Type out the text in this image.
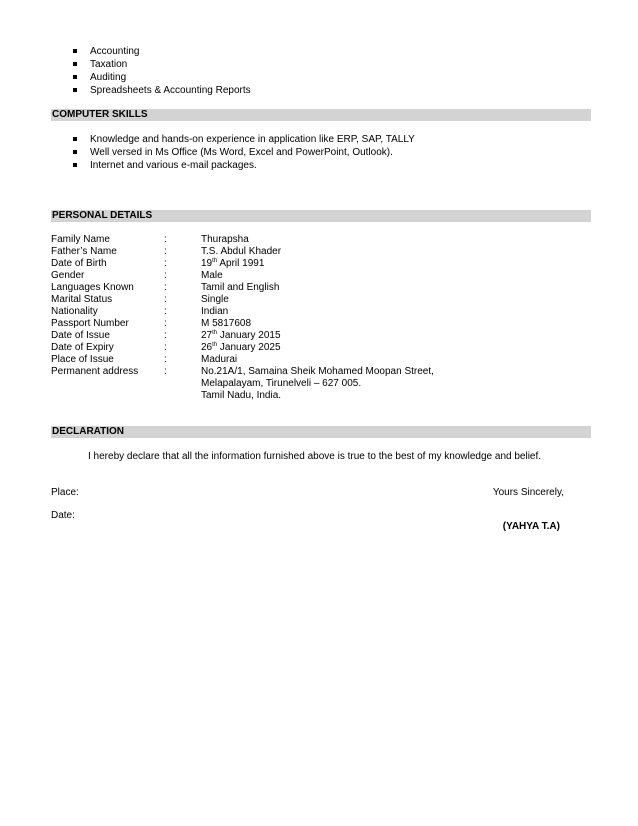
Accounting
Taxation
Auditing
Spreadsheets & Accounting Reports
COMPUTER SKILLS
Knowledge and hands-on experience in application like ERP, SAP, TALLY
Well versed in Ms Office (Ms Word, Excel and PowerPoint, Outlook).
Internet and various e-mail packages.
PERSONAL DETAILS
Family Name	:	Thurapsha
Father’s Name	:	T.S. Abdul Khader
Date of Birth	:	19th April 1991
Gender	:	Male
Languages Known	:	Tamil and English
Marital Status	:	Single
Nationality	:	Indian
Passport Number	:	M 5817608
Date of Issue	:	27th January 2015
Date of Expiry	:	26th January 2025
Place of Issue	:	Madurai
Permanent address	:	No.21A/1, Samaina Sheik Mohamed Moopan Street,
Melapalayam, Tirunelveli – 627 005.
Tamil Nadu, India.
DECLARATION
I hereby declare that all the information furnished above is true to the best of my knowledge and belief.
Place:
Date:
Yours Sincerely,
(YAHYA T.A)
